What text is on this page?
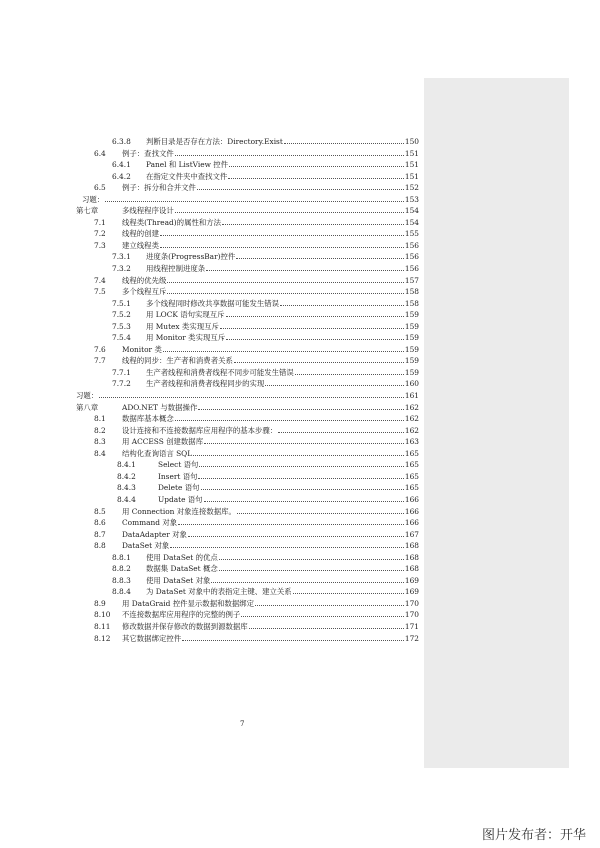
6.3.8	判断目录是否存在方法：Directory.Exist	150
6.4	例子：查找文件	151
6.4.1	Panel 和 ListView 控件	151
6.4.2	在指定文件夹中查找文件	151
6.5	例子：拆分和合并文件	152
习题：	153
第七章	多线程程序设计	154
7.1	线程类(Thread)的属性和方法	154
7.2	线程的创建	155
7.3	建立线程类	156
7.3.1	进度条(ProgressBar)控件	156
7.3.2	用线程控制进度条	156
7.4	线程的优先级	157
7.5	多个线程互斥	158
7.5.1	多个线程同时修改共享数据可能发生错误	158
7.5.2	用 LOCK 语句实现互斥	159
7.5.3	用 Mutex 类实现互斥	159
7.5.4	用 Monitor 类实现互斥	159
7.6	Monitor 类	159
7.7	线程的同步：生产者和消费者关系	159
7.7.1	生产者线程和消费者线程不同步可能发生错误	159
7.7.2	生产者线程和消费者线程同步的实现	160
习题：	161
第八章	ADO.NET 与数据操作	162
8.1	数据库基本概念	162
8.2	设计连接和不连接数据库应用程序的基本步骤：	162
8.3	用 ACCESS 创建数据库	163
8.4	结构化查询语言 SQL	165
8.4.1	Select 语句	165
8.4.2	Insert 语句	165
8.4.3	Delete 语句	165
8.4.4	Update 语句	166
8.5	用 Connection 对象连接数据库。	166
8.6	Command 对象	166
8.7	DataAdapter 对象	167
8.8	DataSet 对象	168
8.8.1	使用 DataSet 的优点	168
8.8.2	数据集 DataSet 概念	168
8.8.3	使用 DataSet 对象	169
8.8.4	为 DataSet 对象中的表指定主键、建立关系	169
8.9	用 DataGraid 控件显示数据和数据绑定	170
8.10	不连接数据库应用程序的完整的例子	170
8.11	修改数据并保存修改的数据到源数据库	171
8.12	其它数据绑定控件	172
7
图片发布者：开华
